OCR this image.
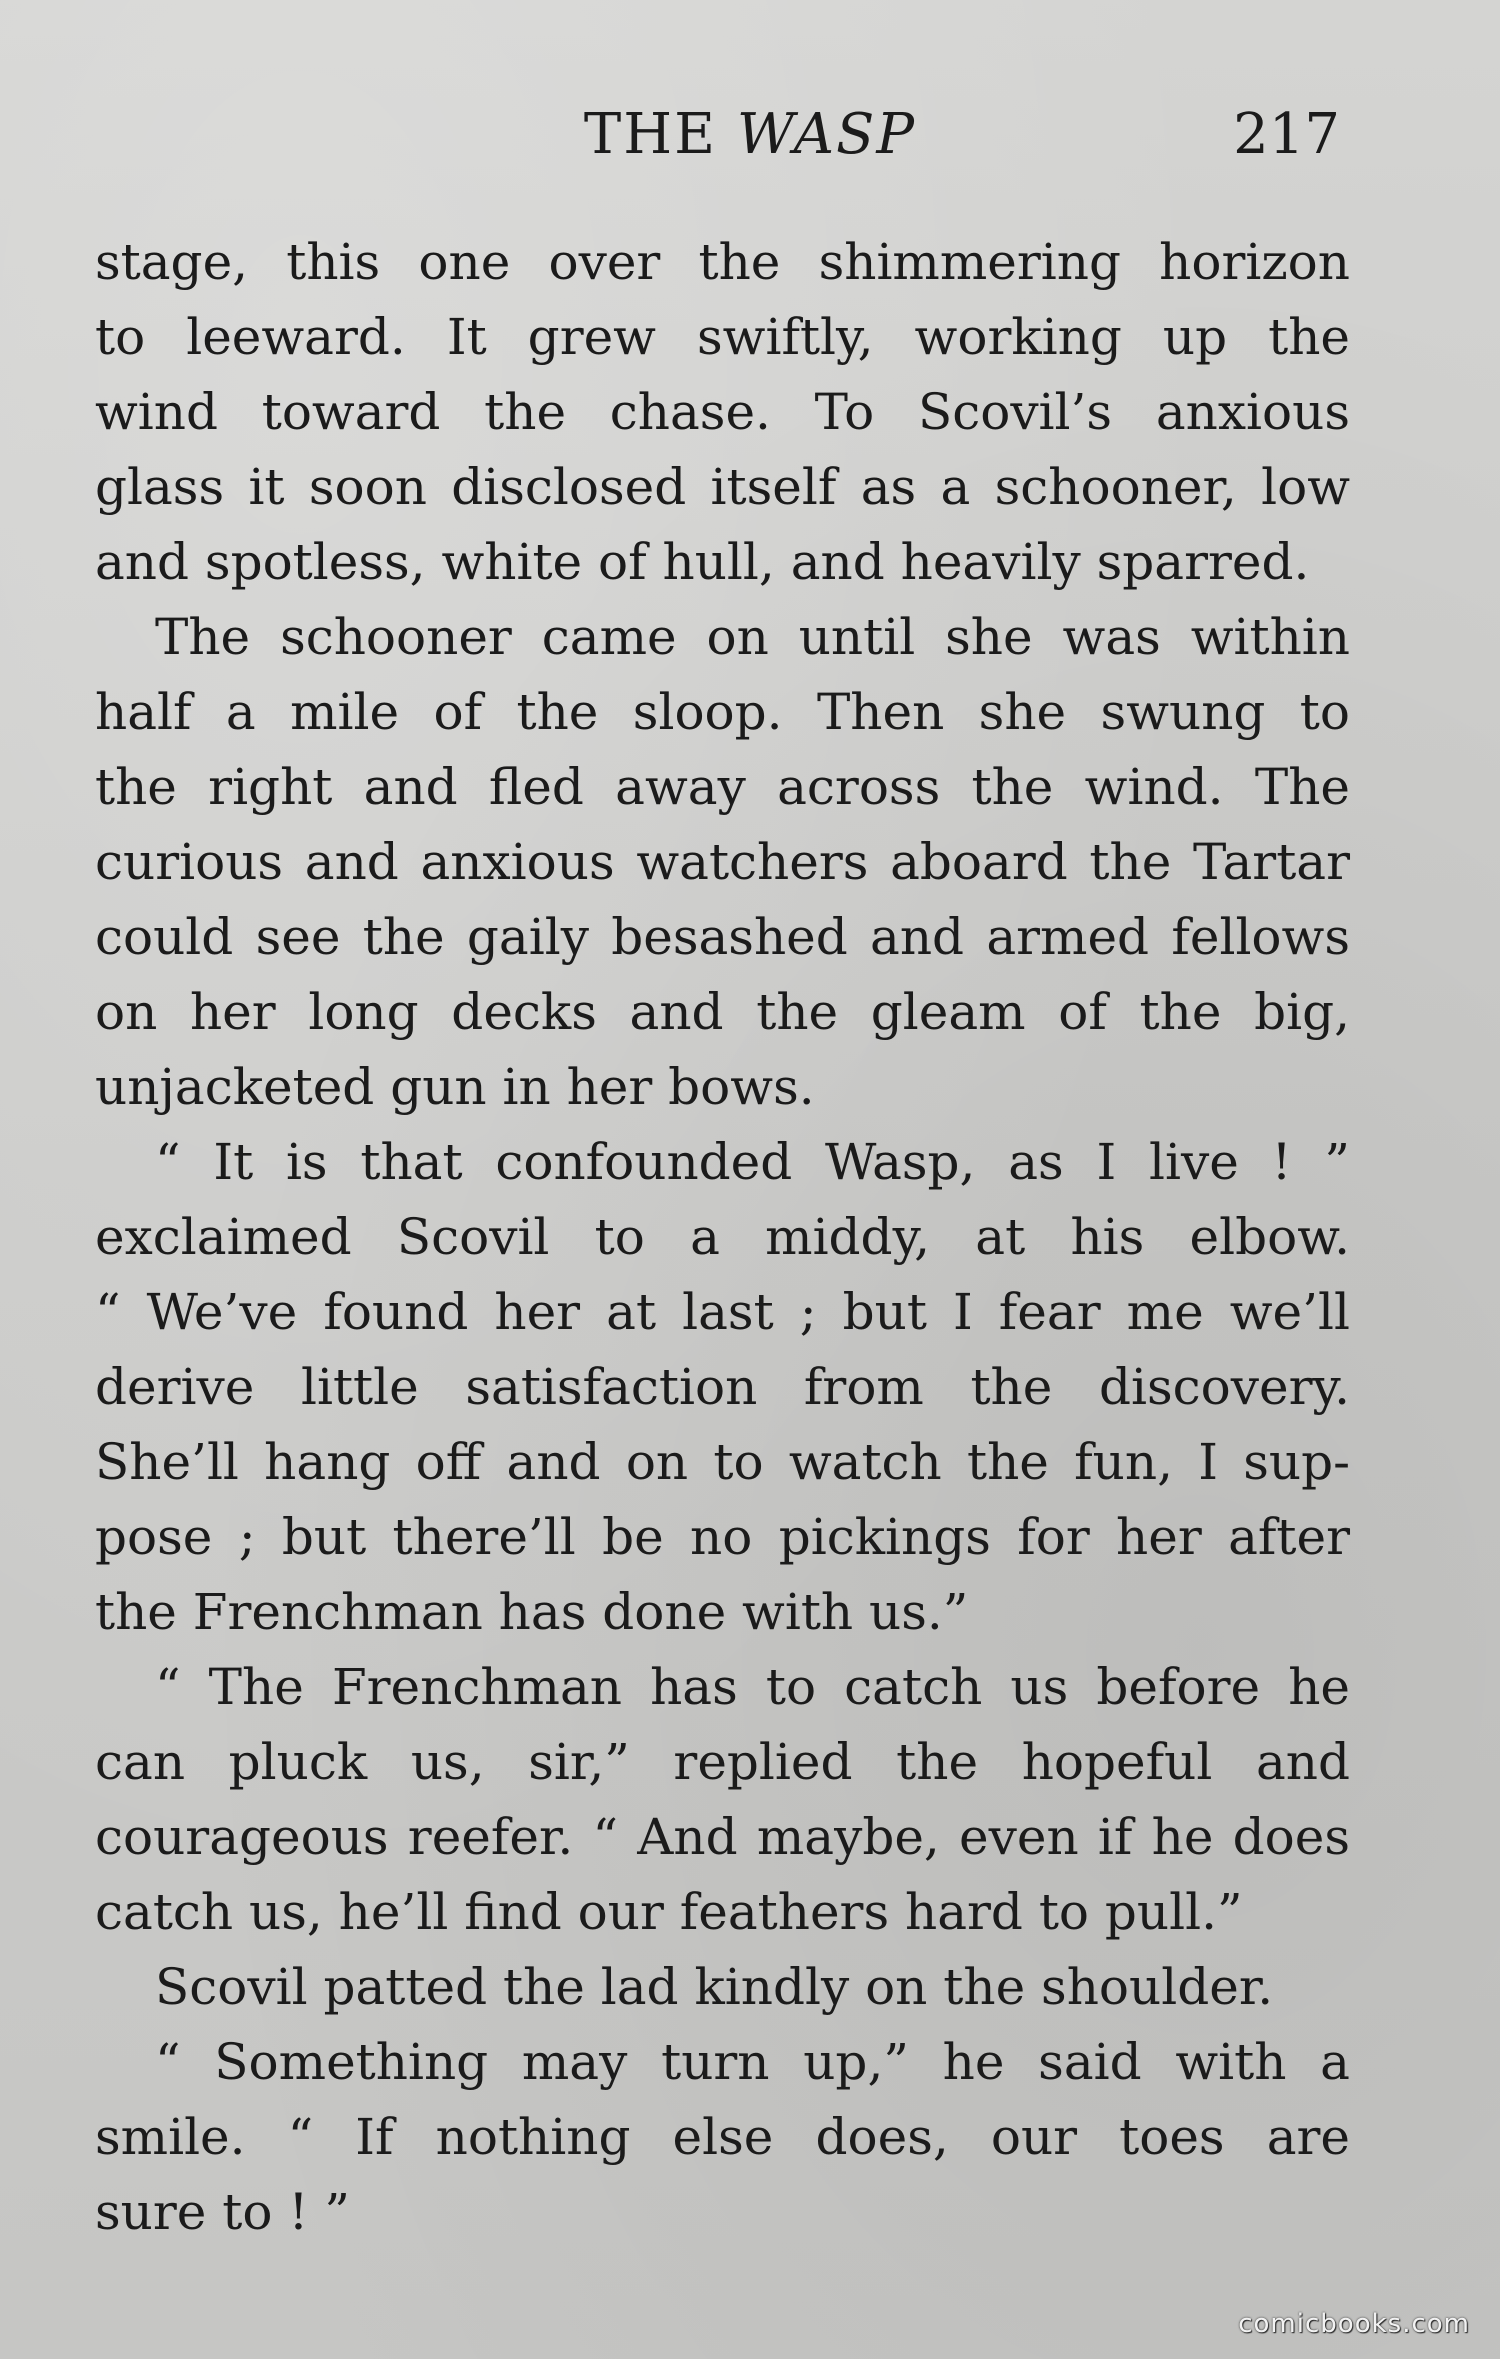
THE WASP	217
stage, this one over the shimmering horizon
to leeward. It grew swiftly, working up the
wind toward the chase. To Scovil’s anxious
glass it soon disclosed itself as a schooner, low
and spotless, white of hull, and heavily sparred.
The schooner came on until she was within
half a mile of the sloop. Then she swung to
the right and fled away across the wind. The
curious and anxious watchers aboard the Tartar
could see the gaily besashed and armed fellows
on her long decks and the gleam of the big,
unjacketed gun in her bows.
“ It is that confounded Wasp, as I live ! ”
exclaimed Scovil to a middy, at his elbow.
“ We’ve found her at last ; but I fear me we’ll
derive little satisfaction from the discovery.
She’ll hang off and on to watch the fun, I sup-
pose ; but there’ll be no pickings for her after
the Frenchman has done with us.”
“ The Frenchman has to catch us before he
can pluck us, sir,” replied the hopeful and
courageous reefer. “ And maybe, even if he does
catch us, he’ll find our feathers hard to pull.”
Scovil patted the lad kindly on the shoulder.
“ Something may turn up,” he said with a
smile. “ If nothing else does, our toes are
sure to ! ”
comicbooks.com
